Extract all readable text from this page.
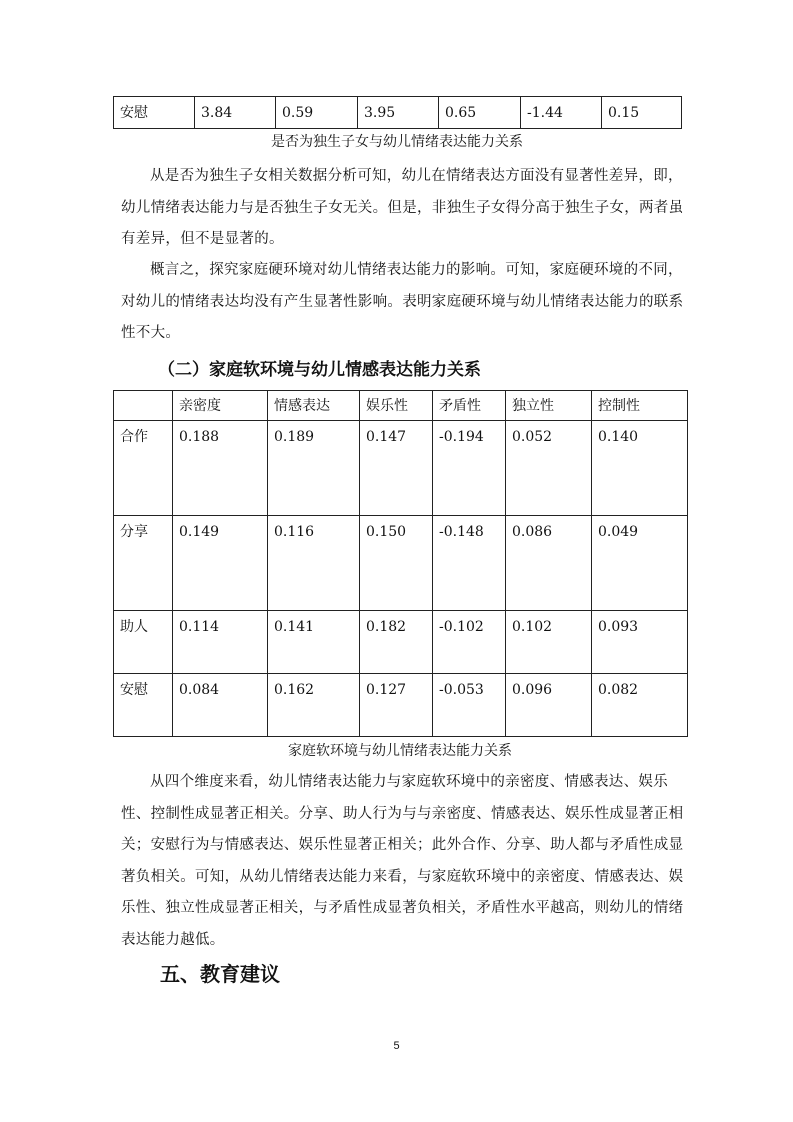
安慰	3.84	0.59	3.95	0.65	-1.44	0.15
是否为独生子女与幼儿情绪表达能力关系
从是否为独生子女相关数据分析可知，幼儿在情绪表达方面没有显著性差异，即，幼儿情绪表达能力与是否独生子女无关。但是，非独生子女得分高于独生子女，两者虽有差异，但不是显著的。
概言之，探究家庭硬环境对幼儿情绪表达能力的影响。可知，家庭硬环境的不同，对幼儿的情绪表达均没有产生显著性影响。表明家庭硬环境与幼儿情绪表达能力的联系性不大。
（二）家庭软环境与幼儿情感表达能力关系
	亲密度	情感表达	娱乐性	矛盾性	独立性	控制性
合作	0.188	0.189	0.147	-0.194	0.052	0.140
分享	0.149	0.116	0.150	-0.148	0.086	0.049
助人	0.114	0.141	0.182	-0.102	0.102	0.093
安慰	0.084	0.162	0.127	-0.053	0.096	0.082
家庭软环境与幼儿情绪表达能力关系
从四个维度来看，幼儿情绪表达能力与家庭软环境中的亲密度、情感表达、娱乐性、控制性成显著正相关。分享、助人行为与与亲密度、情感表达、娱乐性成显著正相关；安慰行为与情感表达、娱乐性显著正相关；此外合作、分享、助人都与矛盾性成显著负相关。可知，从幼儿情绪表达能力来看，与家庭软环境中的亲密度、情感表达、娱乐性、独立性成显著正相关，与矛盾性成显著负相关，矛盾性水平越高，则幼儿的情绪表达能力越低。
五、教育建议
5
